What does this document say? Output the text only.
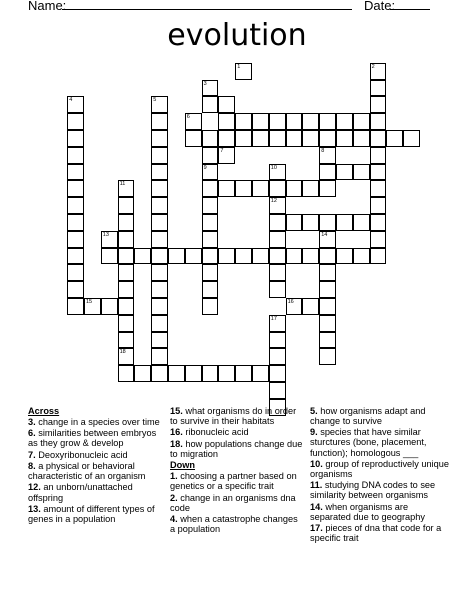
Name:	Date:
evolution
1	2
3
4	5
6
7	8
9	10
11
12
13	14
15	16
17
18
Across
3. change in a species over time
6. similarities between embryos as they grow & develop
7. Deoxyribonucleic acid
8. a physical or behavioral characteristic of an organism
12. an unborn/unattached offspring
13. amount of different types of genes in a population
15. what organisms do in order to survive in their habitats
16. ribonucleic acid
18. how populations change due to migration
Down
1. choosing a partner based on genetics or a specific trait
2. change in an organisms dna code
4. when a catastrophe changes a population
5. how organisms adapt and change to survive
9. species that have similar sturctures (bone, placement, function); homologous ___
10. group of reproductively unique organisms
11. studying DNA codes to see similarity between organisms
14. when organisms are separated due to geography
17. pieces of dna that code for a specific trait
